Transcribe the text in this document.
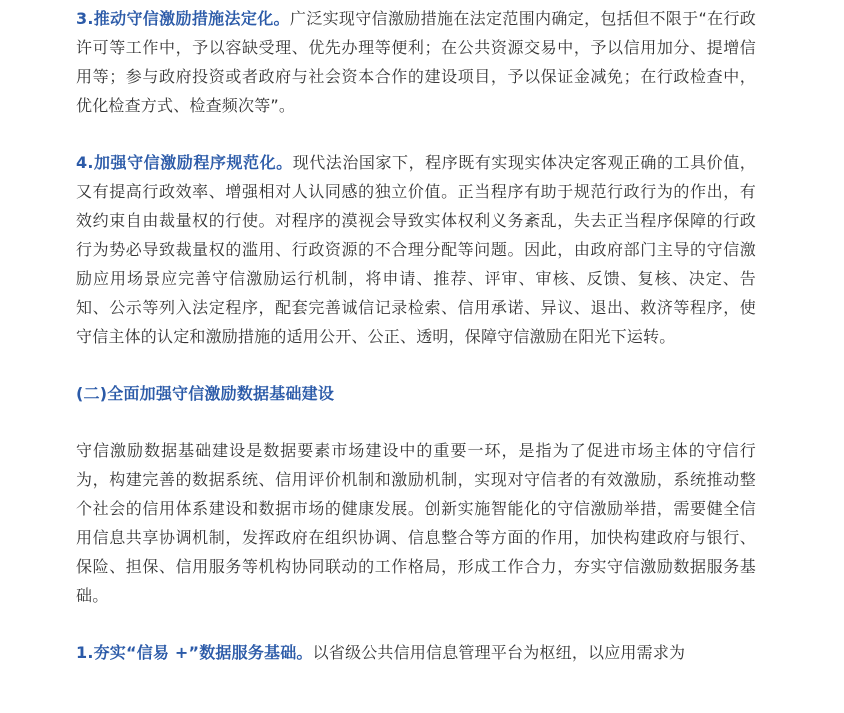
3.推动守信激励措施法定化。广泛实现守信激励措施在法定范围内确定，包括但不限于“在行政许可等工作中，予以容缺受理、优先办理等便利；在公共资源交易中，予以信用加分、提增信用等；参与政府投资或者政府与社会资本合作的建设项目，予以保证金减免；在行政检查中，优化检查方式、检查频次等”。

4.加强守信激励程序规范化。现代法治国家下，程序既有实现实体决定客观正确的工具价值，又有提高行政效率、增强相对人认同感的独立价值。正当程序有助于规范行政行为的作出，有效约束自由裁量权的行使。对程序的漠视会导致实体权利义务紊乱，失去正当程序保障的行政行为势必导致裁量权的滥用、行政资源的不合理分配等问题。因此，由政府部门主导的守信激励应用场景应完善守信激励运行机制，将申请、推荐、评审、审核、反馈、复核、决定、告知、公示等列入法定程序，配套完善诚信记录检索、信用承诺、异议、退出、救济等程序，使守信主体的认定和激励措施的适用公开、公正、透明，保障守信激励在阳光下运转。

(二)全面加强守信激励数据基础建设

守信激励数据基础建设是数据要素市场建设中的重要一环，是指为了促进市场主体的守信行为，构建完善的数据系统、信用评价机制和激励机制，实现对守信者的有效激励，系统推动整个社会的信用体系建设和数据市场的健康发展。创新实施智能化的守信激励举措，需要健全信用信息共享协调机制，发挥政府在组织协调、信息整合等方面的作用，加快构建政府与银行、保险、担保、信用服务等机构协同联动的工作格局，形成工作合力，夯实守信激励数据服务基础。

1.夯实“信易 +”数据服务基础。以省级公共信用信息管理平台为枢纽，以应用需求为
